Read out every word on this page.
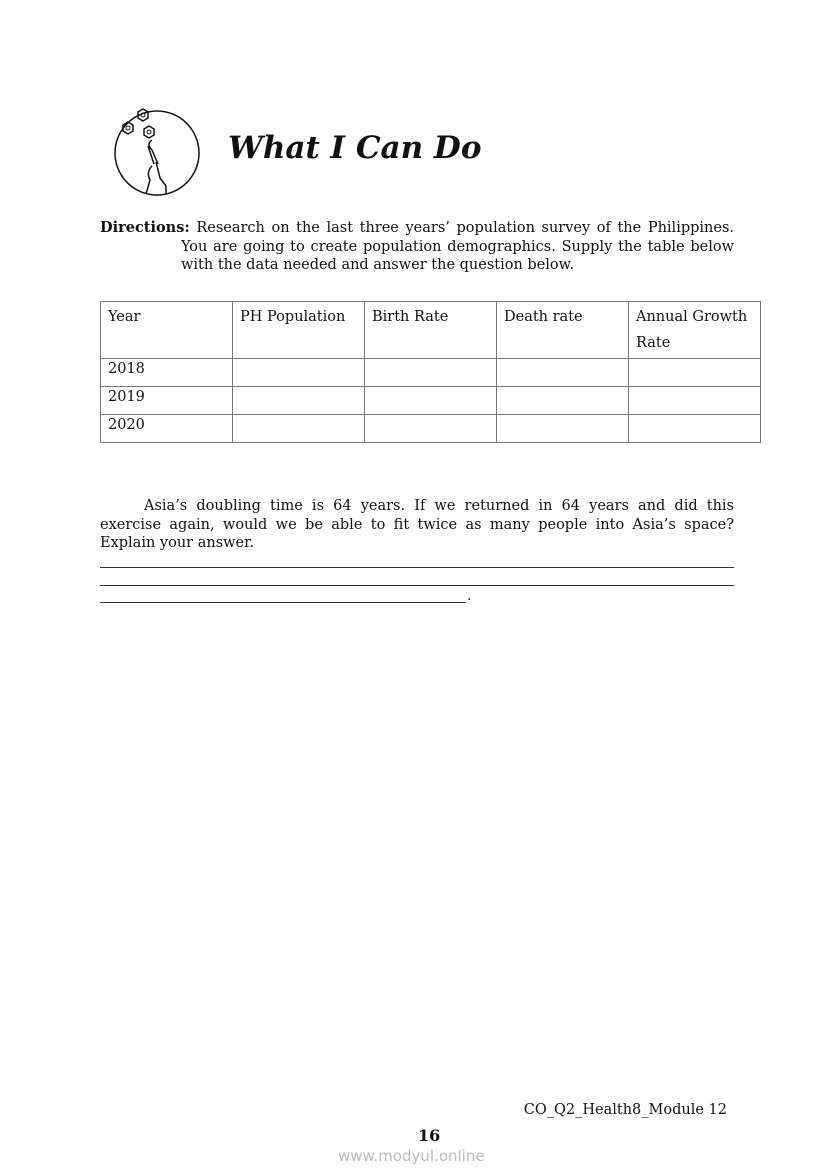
What I Can Do
Directions: Research on the last three years’ population survey of the Philippines.
You are going to create population demographics. Supply the table below
with the data needed and answer the question below.
Year	PH Population	Birth Rate	Death rate	Annual Growth Rate
2018				
2019				
2020				
Asia’s doubling time is 64 years. If we returned in 64 years and did this exercise again, would we be able to fit twice as many people into Asia’s space? Explain your answer.
.
CO_Q2_Health8_Module 12
16
www.modyul.online
